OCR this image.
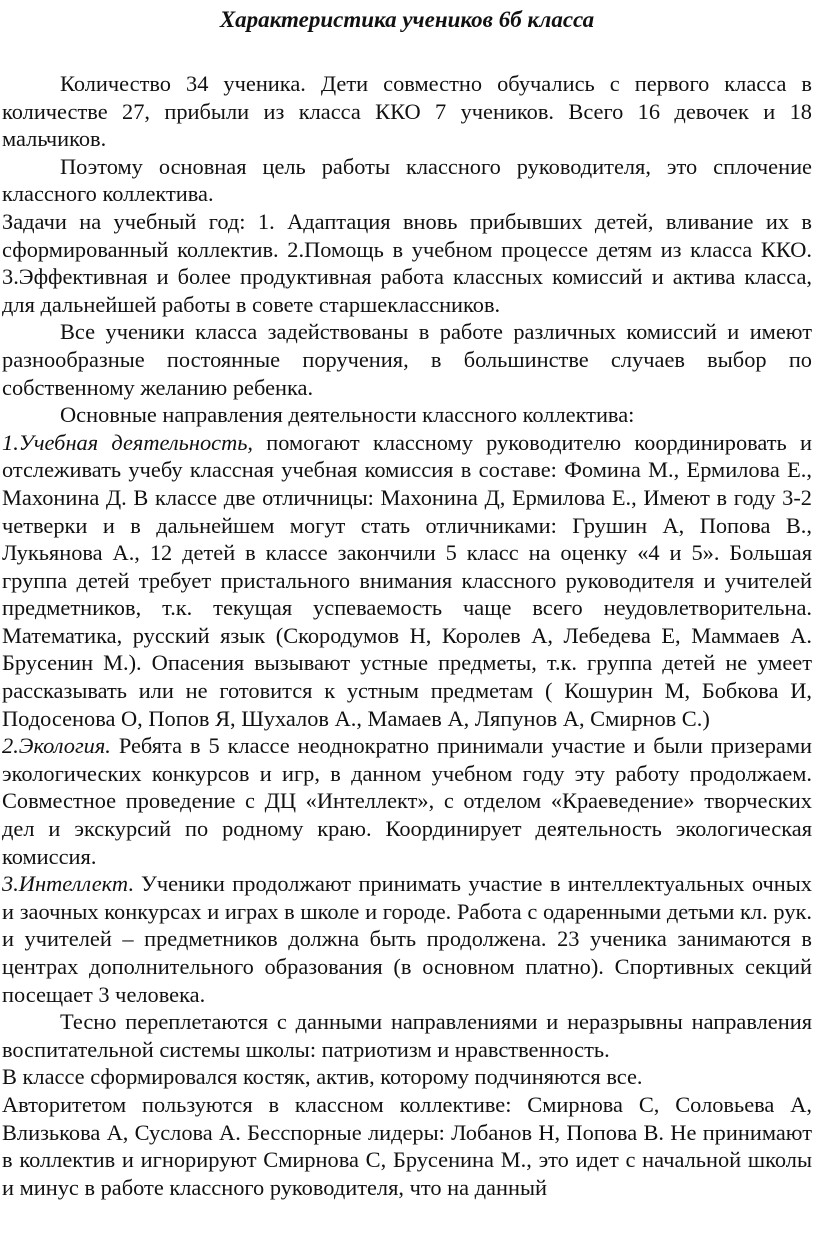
Характеристика учеников 6б класса

Количество 34 ученика. Дети совместно обучались с первого класса в количестве 27, прибыли из класса ККО 7 учеников. Всего 16 девочек и 18 мальчиков.

Поэтому основная цель работы классного руководителя, это сплочение классного коллектива.

Задачи на учебный год: 1. Адаптация вновь прибывших детей, вливание их в сформированный коллектив. 2.Помощь в учебном процессе детям из класса ККО. 3.Эффективная и более продуктивная работа классных комиссий и актива класса, для дальнейшей работы в совете старшеклассников.

Все ученики класса задействованы в работе различных комиссий и имеют разнообразные постоянные поручения, в большинстве случаев выбор по собственному желанию ребенка.

Основные направления деятельности классного коллектива:

1.Учебная деятельность, помогают классному руководителю координировать и отслеживать учебу классная учебная комиссия в составе: Фомина М., Ермилова Е., Махонина Д. В классе две отличницы: Махонина Д, Ермилова Е., Имеют в году 3-2 четверки и в дальнейшем могут стать отличниками: Грушин А, Попова В., Лукьянова А., 12 детей в классе закончили 5 класс на оценку «4 и 5». Большая группа детей требует пристального внимания классного руководителя и учителей предметников, т.к. текущая успеваемость чаще всего неудовлетворительна. Математика, русский язык (Скородумов Н, Королев А, Лебедева Е, Маммаев А. Брусенин М.). Опасения вызывают устные предметы, т.к. группа детей не умеет рассказывать или не готовится к устным предметам ( Кошурин М, Бобкова И, Подосенова О, Попов Я, Шухалов А., Мамаев А, Ляпунов А, Смирнов С.)

2.Экология. Ребята в 5 классе неоднократно принимали участие и были призерами экологических конкурсов и игр, в данном учебном году эту работу продолжаем. Совместное проведение с ДЦ «Интеллект», с отделом «Краеведение» творческих дел и экскурсий по родному краю. Координирует деятельность экологическая комиссия.

3.Интеллект. Ученики продолжают принимать участие в интеллектуальных очных и заочных конкурсах и играх в школе и городе. Работа с одаренными детьми кл. рук. и учителей – предметников должна быть продолжена. 23 ученика занимаются в центрах дополнительного образования (в основном платно). Спортивных секций посещает 3 человека.

Тесно переплетаются с данными направлениями и неразрывны направления воспитательной системы школы: патриотизм и нравственность.

В классе сформировался костяк, актив, которому подчиняются все.

Авторитетом пользуются в классном коллективе: Смирнова С, Соловьева А, Влизькова А, Суслова А. Бесспорные лидеры: Лобанов Н, Попова В. Не принимают в коллектив и игнорируют Смирнова С, Брусенина М., это идет с начальной школы и минус в работе классного руководителя, что на данный
